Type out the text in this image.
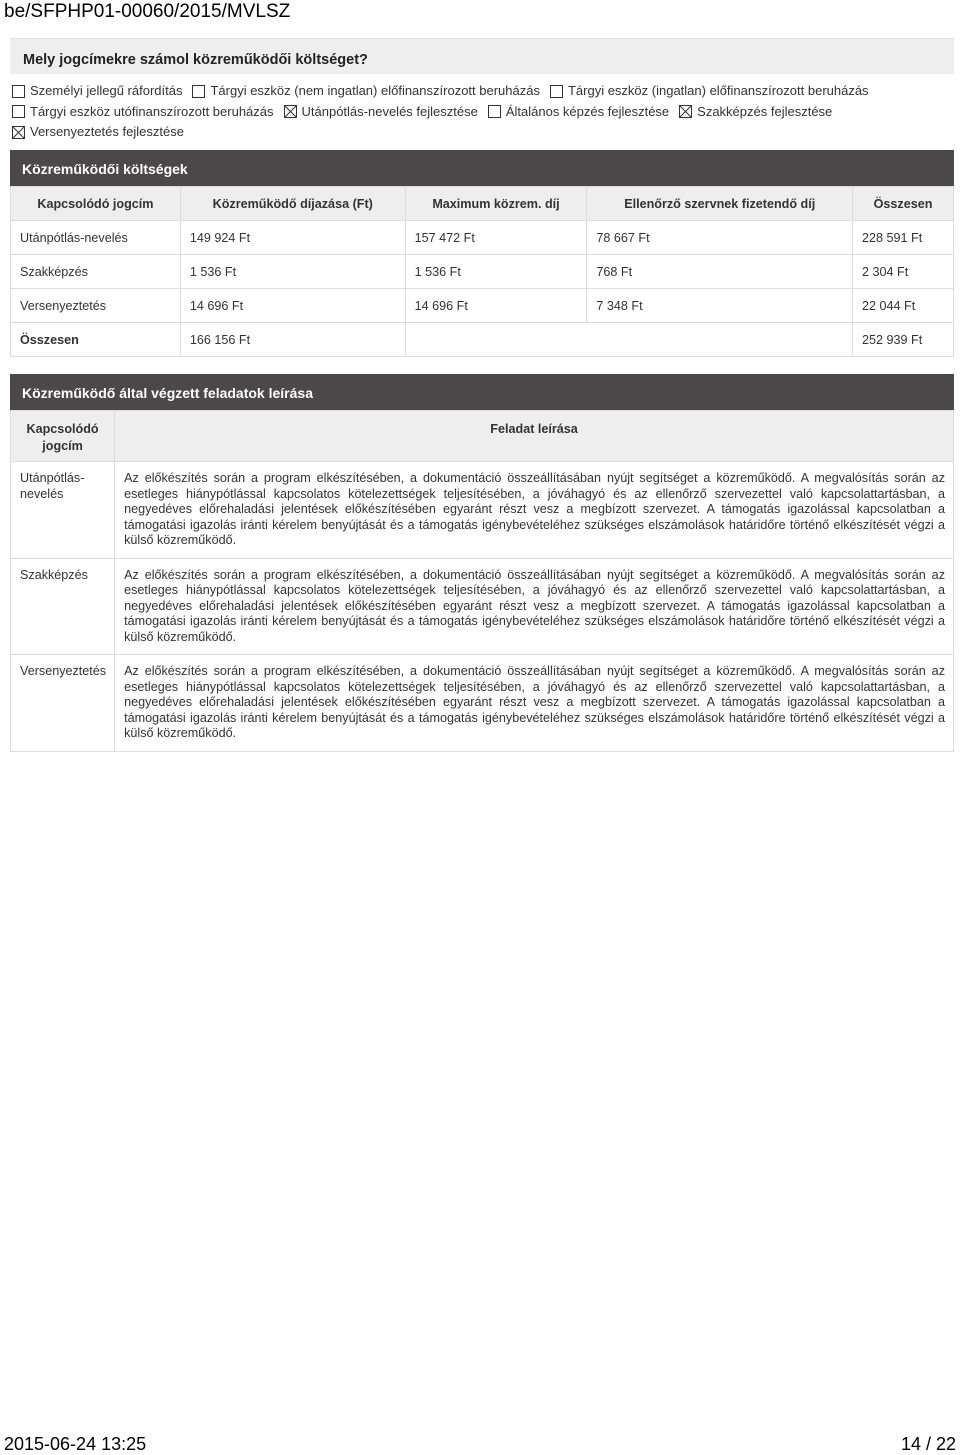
be/SFPHP01-00060/2015/MVLSZ
Mely jogcímekre számol közreműködői költséget?
Személyi jellegű ráfordítás Tárgyi eszköz (nem ingatlan) előfinanszírozott beruházás Tárgyi eszköz (ingatlan) előfinanszírozott beruházás
Tárgyi eszköz utófinanszírozott beruházás Utánpótlás-nevelés fejlesztése Általános képzés fejlesztése Szakképzés fejlesztése
Versenyeztetés fejlesztése
Közreműködői költségek
Kapcsolódó jogcím	Közreműködő díjazása (Ft)	Maximum közrem. díj	Ellenőrző szervnek fizetendő díj	Összesen
Utánpótlás-nevelés	149 924 Ft	157 472 Ft	78 667 Ft	228 591 Ft
Szakképzés	1 536 Ft	1 536 Ft	768 Ft	2 304 Ft
Versenyeztetés	14 696 Ft	14 696 Ft	7 348 Ft	22 044 Ft
Összesen	166 156 Ft			252 939 Ft
Közreműködő által végzett feladatok leírása
Kapcsolódó jogcím	Feladat leírása
Utánpótlás-nevelés	Az előkészítés során a program elkészítésében, a dokumentáció összeállításában nyújt segítséget a közreműködő. A megvalósítás során az esetleges hiánypótlással kapcsolatos kötelezettségek teljesítésében, a jóváhagyó és az ellenőrző szervezettel való kapcsolattartásban, a negyedéves előrehaladási jelentések előkészítésében egyaránt részt vesz a megbízott szervezet. A támogatás igazolással kapcsolatban a támogatási igazolás iránti kérelem benyújtását és a támogatás igénybevételéhez szükséges elszámolások határidőre történő elkészítését végzi a külső közreműködő.
Szakképzés	Az előkészítés során a program elkészítésében, a dokumentáció összeállításában nyújt segítséget a közreműködő. A megvalósítás során az esetleges hiánypótlással kapcsolatos kötelezettségek teljesítésében, a jóváhagyó és az ellenőrző szervezettel való kapcsolattartásban, a negyedéves előrehaladási jelentések előkészítésében egyaránt részt vesz a megbízott szervezet. A támogatás igazolással kapcsolatban a támogatási igazolás iránti kérelem benyújtását és a támogatás igénybevételéhez szükséges elszámolások határidőre történő elkészítését végzi a külső közreműködő.
Versenyeztetés	Az előkészítés során a program elkészítésében, a dokumentáció összeállításában nyújt segítséget a közreműködő. A megvalósítás során az esetleges hiánypótlással kapcsolatos kötelezettségek teljesítésében, a jóváhagyó és az ellenőrző szervezettel való kapcsolattartásban, a negyedéves előrehaladási jelentések előkészítésében egyaránt részt vesz a megbízott szervezet. A támogatás igazolással kapcsolatban a támogatási igazolás iránti kérelem benyújtását és a támogatás igénybevételéhez szükséges elszámolások határidőre történő elkészítését végzi a külső közreműködő.
2015-06-24 13:25	14 / 22
